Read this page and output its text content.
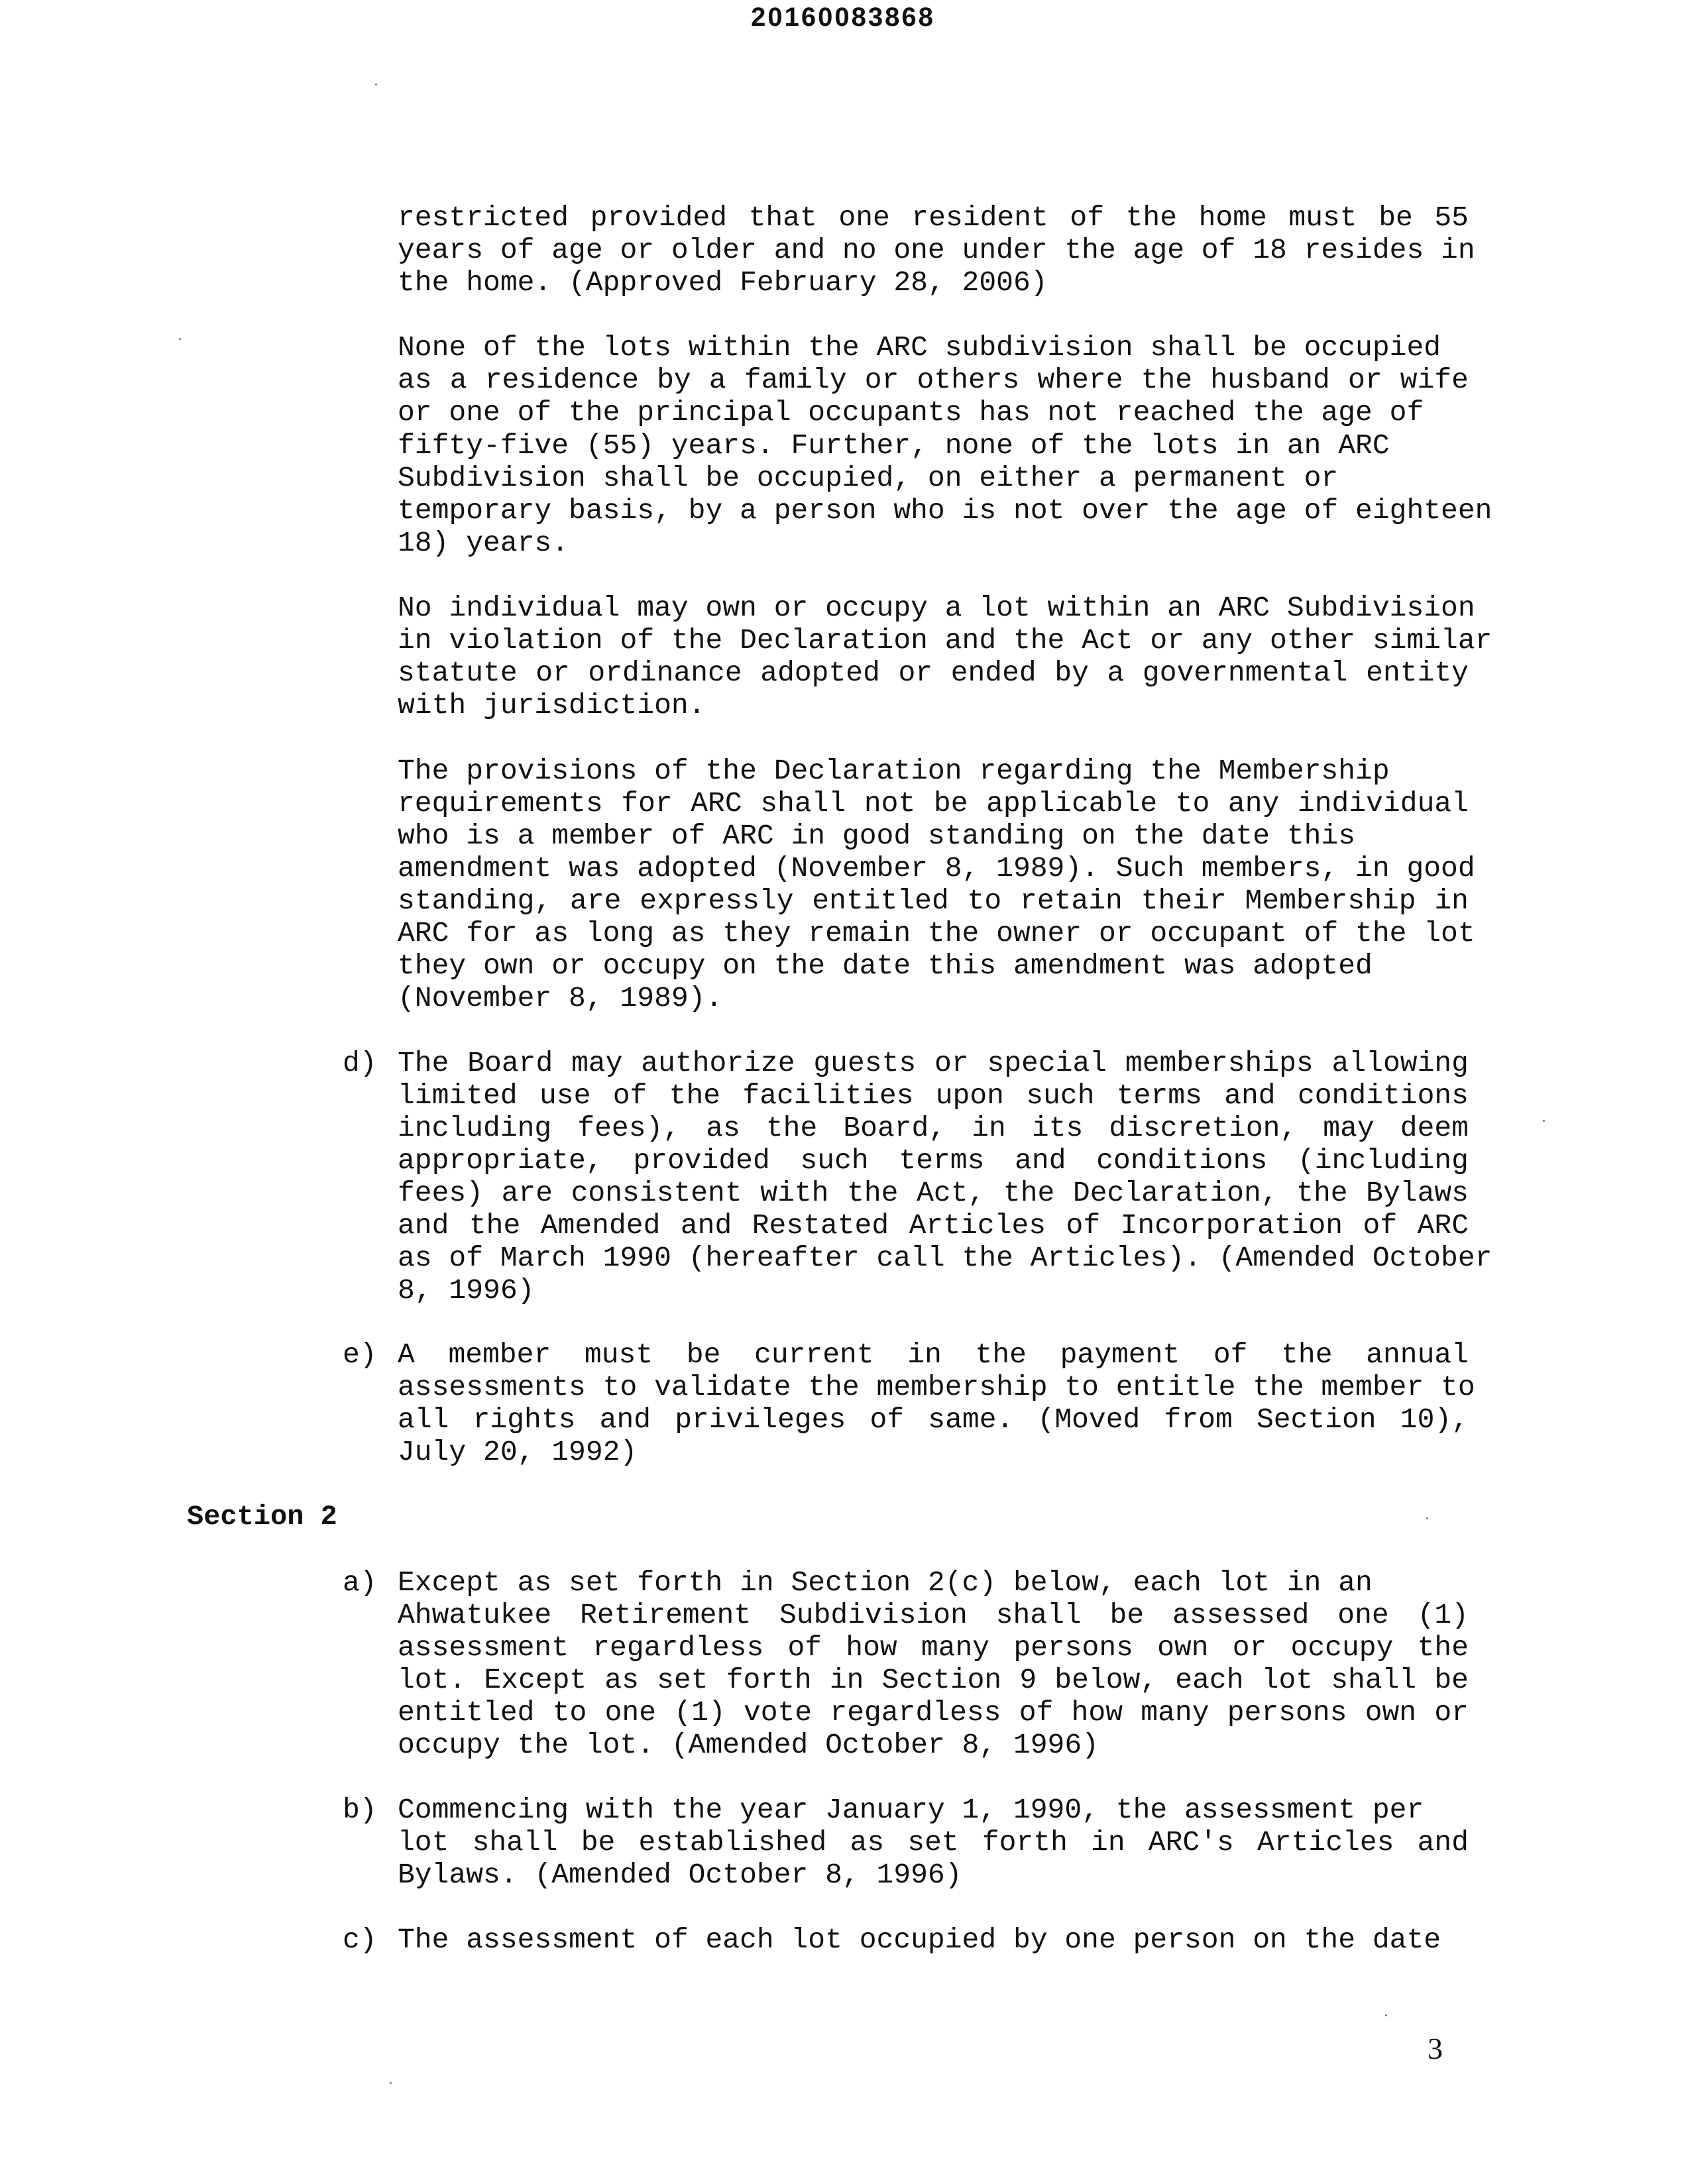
20160083868
restricted provided that one resident of the home must be 55
years of age or older and no one under the age of 18 resides in
the home. (Approved February 28, 2006)
None of the lots within the ARC subdivision shall be occupied
as a residence by a family or others where the husband or wife
or one of the principal occupants has not reached the age of
fifty-five (55) years. Further, none of the lots in an ARC
Subdivision shall be occupied, on either a permanent or
temporary basis, by a person who is not over the age of eighteen
18) years.
No individual may own or occupy a lot within an ARC Subdivision
in violation of the Declaration and the Act or any other similar
statute or ordinance adopted or ended by a governmental entity
with jurisdiction.
The provisions of the Declaration regarding the Membership
requirements for ARC shall not be applicable to any individual
who is a member of ARC in good standing on the date this
amendment was adopted (November 8, 1989). Such members, in good
standing, are expressly entitled to retain their Membership in
ARC for as long as they remain the owner or occupant of the lot
they own or occupy on the date this amendment was adopted
(November 8, 1989).
d) The Board may authorize guests or special memberships allowing
limited use of the facilities upon such terms and conditions
including fees), as the Board, in its discretion, may deem
appropriate, provided such terms and conditions (including
fees) are consistent with the Act, the Declaration, the Bylaws
and the Amended and Restated Articles of Incorporation of ARC
as of March 1990 (hereafter call the Articles). (Amended October
8, 1996)
e) A member must be current in the payment of the annual
assessments to validate the membership to entitle the member to
all rights and privileges of same. (Moved from Section 10),
July 20, 1992)
Section 2
a) Except as set forth in Section 2(c) below, each lot in an
Ahwatukee Retirement Subdivision shall be assessed one (1)
assessment regardless of how many persons own or occupy the
lot. Except as set forth in Section 9 below, each lot shall be
entitled to one (1) vote regardless of how many persons own or
occupy the lot. (Amended October 8, 1996)
b) Commencing with the year January 1, 1990, the assessment per
lot shall be established as set forth in ARC's Articles and
Bylaws. (Amended October 8, 1996)
c) The assessment of each lot occupied by one person on the date
3
